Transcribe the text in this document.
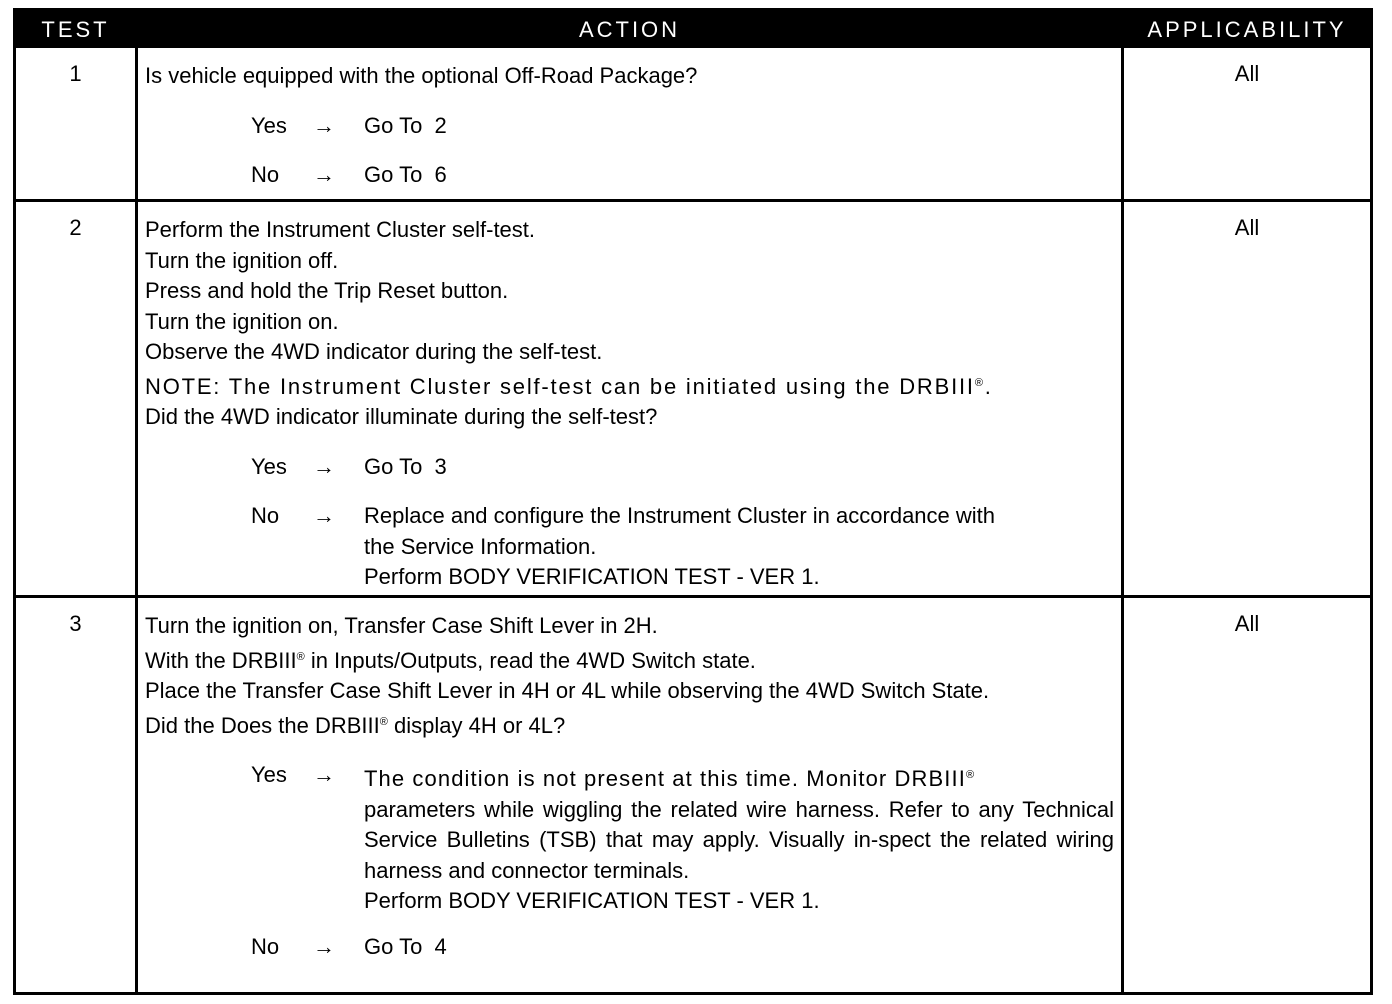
TEST	ACTION	APPLICABILITY
1	Is vehicle equipped with the optional Off-Road Package?
Yes → Go To  2
No → Go To  6
All
2	Perform the Instrument Cluster self-test.
Turn the ignition off.
Press and hold the Trip Reset button.
Turn the ignition on.
Observe the 4WD indicator during the self-test.
NOTE: The Instrument Cluster self-test can be initiated using the DRBIII®.
Did the 4WD indicator illuminate during the self-test?
Yes → Go To  3
No → Replace and configure the Instrument Cluster in accordance with
the Service Information.
Perform BODY VERIFICATION TEST - VER 1.
All
3	Turn the ignition on, Transfer Case Shift Lever in 2H.
With the DRBIII® in Inputs/Outputs, read the 4WD Switch state.
Place the Transfer Case Shift Lever in 4H or 4L while observing the 4WD Switch State.
Did the Does the DRBIII® display 4H or 4L?
Yes → The condition is not present at this time. Monitor DRBIII®
parameters while wiggling the related wire harness. Refer to any Technical Service Bulletins (TSB) that may apply. Visually in-spect the related wiring harness and connector terminals.
Perform BODY VERIFICATION TEST - VER 1.
No → Go To  4
All
